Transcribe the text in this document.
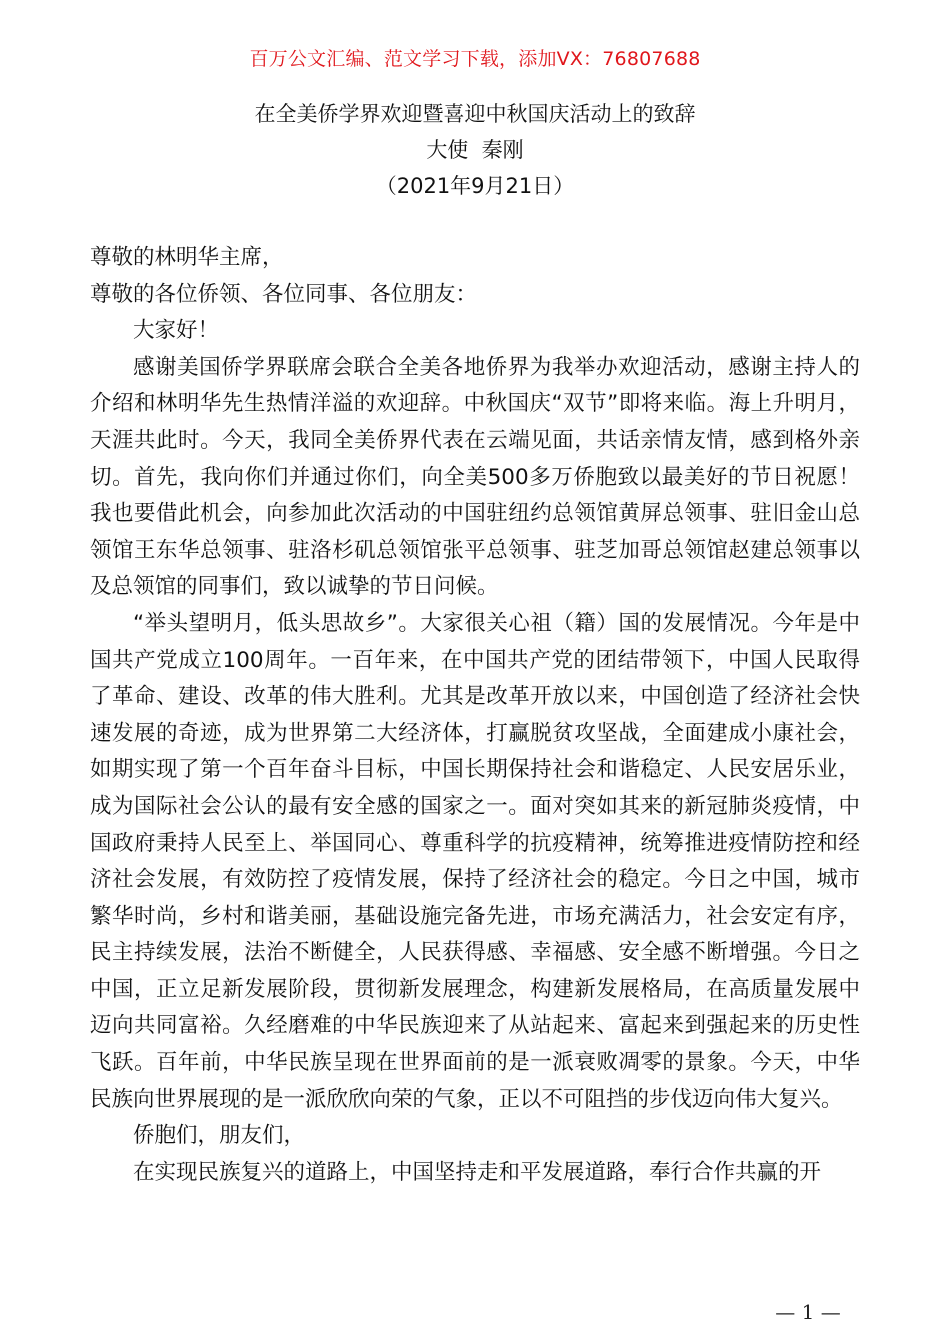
百万公文汇编、范文学习下载，添加VX：76807688
在全美侨学界欢迎暨喜迎中秋国庆活动上的致辞
大使  秦刚
（2021年9月21日）

尊敬的林明华主席，

尊敬的各位侨领、各位同事、各位朋友：

大家好！

感谢美国侨学界联席会联合全美各地侨界为我举办欢迎活动，感谢主持人的介绍和林明华先生热情洋溢的欢迎辞。中秋国庆“双节”即将来临。海上升明月，天涯共此时。今天，我同全美侨界代表在云端见面，共话亲情友情，感到格外亲切。首先，我向你们并通过你们，向全美500多万侨胞致以最美好的节日祝愿！我也要借此机会，向参加此次活动的中国驻纽约总领馆黄屏总领事、驻旧金山总领馆王东华总领事、驻洛杉矶总领馆张平总领事、驻芝加哥总领馆赵建总领事以及总领馆的同事们，致以诚挚的节日问候。

“举头望明月，低头思故乡”。大家很关心祖（籍）国的发展情况。今年是中国共产党成立100周年。一百年来，在中国共产党的团结带领下，中国人民取得了革命、建设、改革的伟大胜利。尤其是改革开放以来，中国创造了经济社会快速发展的奇迹，成为世界第二大经济体，打赢脱贫攻坚战，全面建成小康社会，如期实现了第一个百年奋斗目标，中国长期保持社会和谐稳定、人民安居乐业，成为国际社会公认的最有安全感的国家之一。面对突如其来的新冠肺炎疫情，中国政府秉持人民至上、举国同心、尊重科学的抗疫精神，统筹推进疫情防控和经济社会发展，有效防控了疫情发展，保持了经济社会的稳定。今日之中国，城市繁华时尚，乡村和谐美丽，基础设施完备先进，市场充满活力，社会安定有序，民主持续发展，法治不断健全，人民获得感、幸福感、安全感不断增强。今日之中国，正立足新发展阶段，贯彻新发展理念，构建新发展格局，在高质量发展中迈向共同富裕。久经磨难的中华民族迎来了从站起来、富起来到强起来的历史性飞跃。百年前，中华民族呈现在世界面前的是一派衰败凋零的景象。今天，中华民族向世界展现的是一派欣欣向荣的气象，正以不可阻挡的步伐迈向伟大复兴。

侨胞们，朋友们，

在实现民族复兴的道路上，中国坚持走和平发展道路，奉行合作共赢的开

— 1 —
